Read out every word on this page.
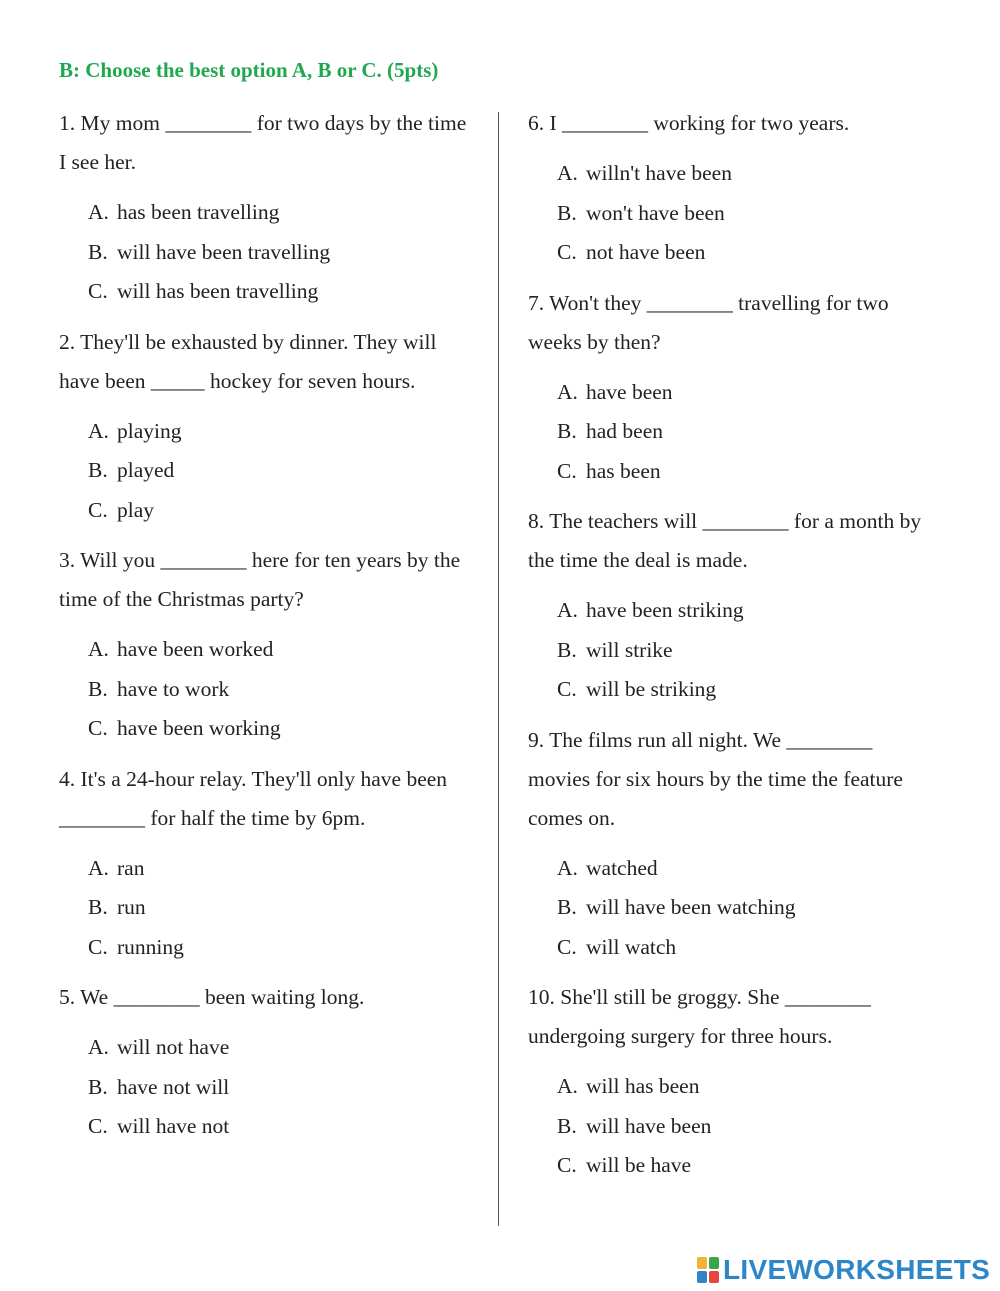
B: Choose the best option A, B or C. (5pts)
1. My mom ________ for two days by the time I see her.
A. has been travelling
B. will have been travelling
C. will has been travelling
2. They'll be exhausted by dinner. They will have been _____ hockey for seven hours.
A. playing
B. played
C. play
3. Will you ________ here for ten years by the time of the Christmas party?
A. have been worked
B. have to work
C. have been working
4. It's a 24-hour relay. They'll only have been ________ for half the time by 6pm.
A. ran
B. run
C. running
5. We ________ been waiting long.
A. will not have
B. have not will
C. will have not
6. I ________ working for two years.
A. willn't have been
B. won't have been
C. not have been
7. Won't they ________ travelling for two weeks by then?
A. have been
B. had been
C. has been
8. The teachers will ________ for a month by the time the deal is made.
A. have been striking
B. will strike
C. will be striking
9. The films run all night. We ________ movies for six hours by the time the feature comes on.
A. watched
B. will have been watching
C. will watch
10. She'll still be groggy. She ________ undergoing surgery for three hours.
A. will has been
B. will have been
C. will be have
LIVEWORKSHEETS
